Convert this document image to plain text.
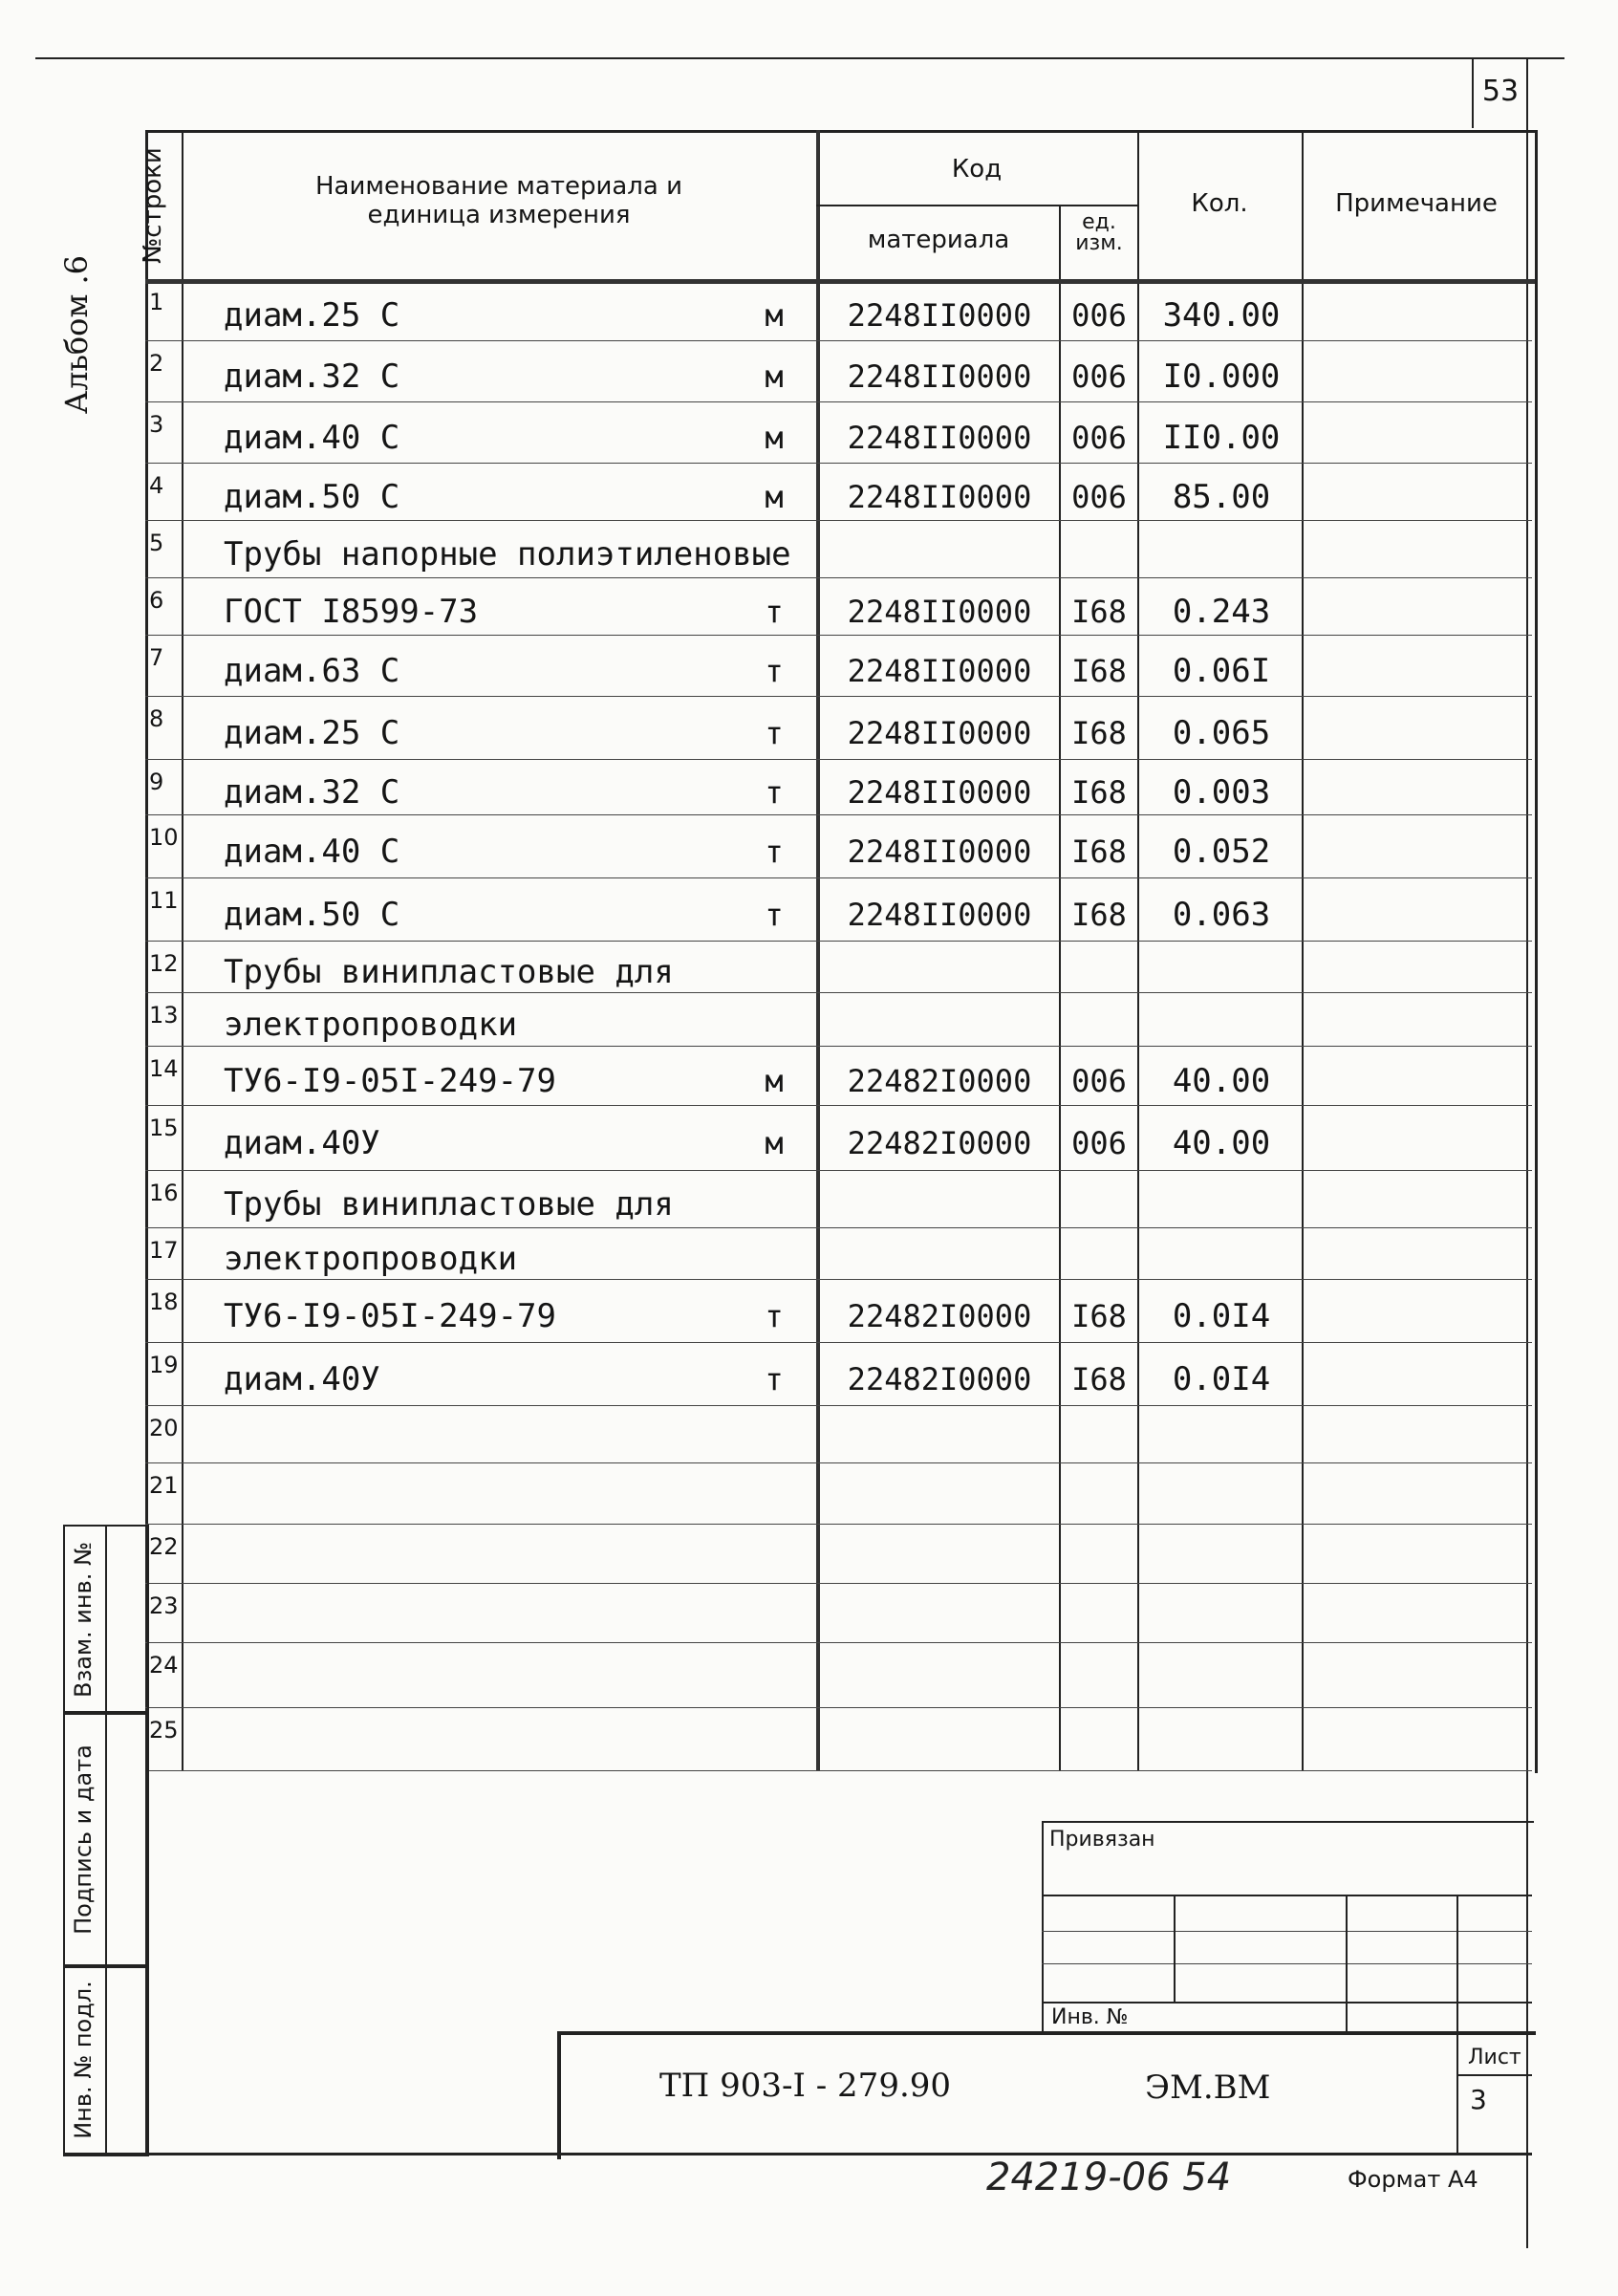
53
Альбом .6
№строки	Наименование материала и
единица измерения
Код
материала
ед. изм.
Кол.	Примечание
1	диам.25 С	м	2248II0000	006	340.00
2	диам.32 С	м	2248II0000	006	I0.000
3	диам.40 С	м	2248II0000	006	II0.00
4	диам.50 С	м	2248II0000	006	85.00
5	Трубы напорные полиэтиленовые
6	ГОСТ I8599-73	т	2248II0000	I68	0.243
7	диам.63 С	т	2248II0000	I68	0.06I
8	диам.25 С	т	2248II0000	I68	0.065
9	диам.32 С	т	2248II0000	I68	0.003
10 диам.40 С	т	2248II0000	I68	0.052
11 диам.50 С	т	2248II0000	I68	0.063
12 Трубы винипластовые для
13 электропроводки
14 ТУ6-I9-05I-249-79	м	22482I0000	006	40.00
15 диам.40У	м	22482I0000	006	40.00
16 Трубы винипластовые для
17 электропроводки
18 ТУ6-I9-05I-249-79	т	22482I0000	I68	0.0I4
19 диам.40У	т	22482I0000	I68	0.0I4
20
21
22
23
24
25
Привязан
Инв. №
ТП 903-I - 279.90	ЭМ.ВМ
Лист
3
Взам. инв. №
Подпись и дата
Инв. № подл.
24219-06 54	Формат А4
